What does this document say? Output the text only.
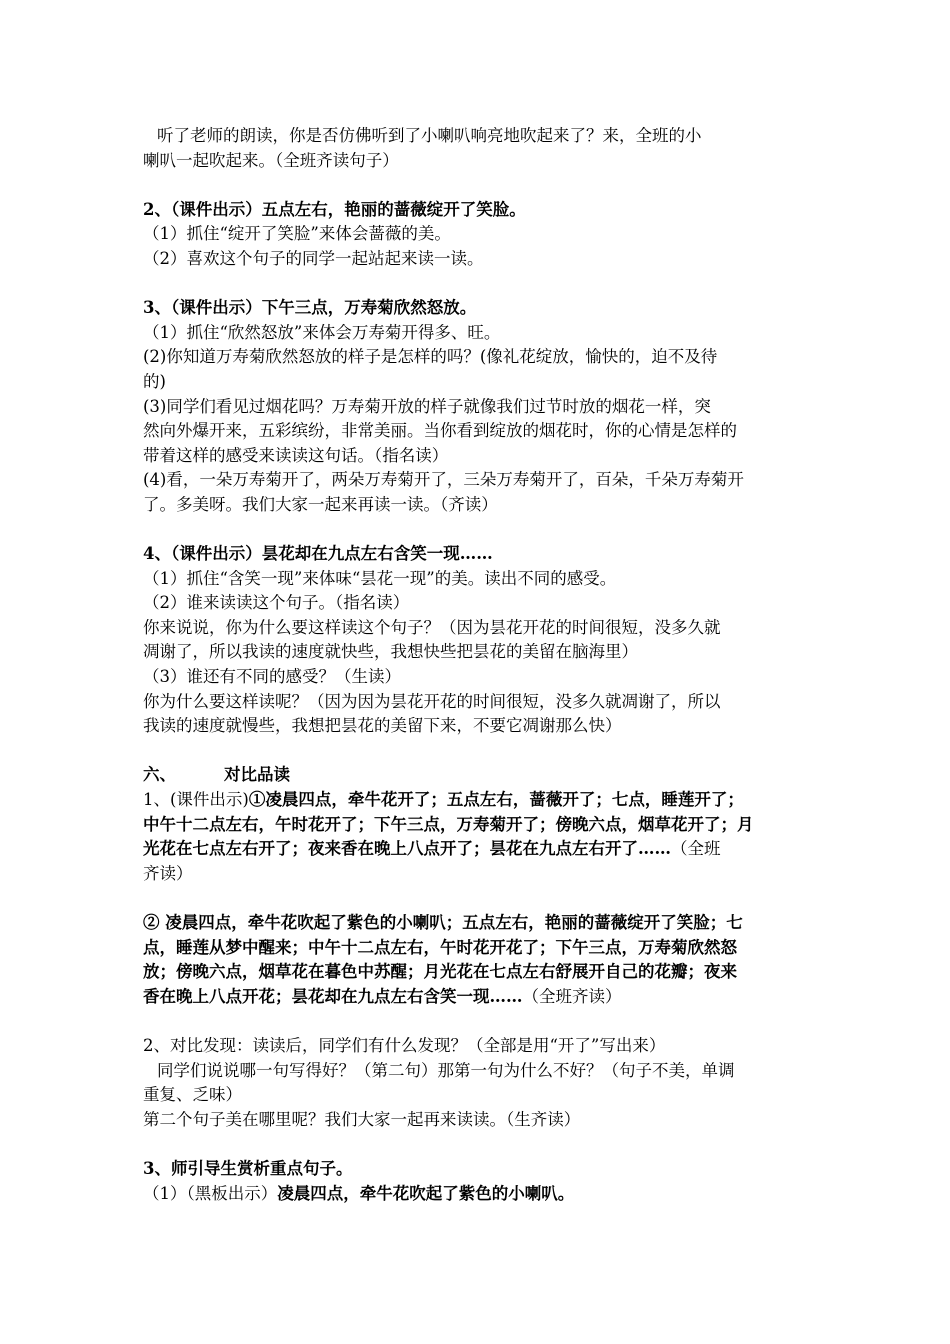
听了老师的朗读，你是否仿佛听到了小喇叭响亮地吹起来了？来，全班的小
喇叭一起吹起来。（全班齐读句子）
2、（课件出示）五点左右，艳丽的蔷薇绽开了笑脸。
（1）抓住“绽开了笑脸”来体会蔷薇的美。
（2）喜欢这个句子的同学一起站起来读一读。
3、（课件出示）下午三点，万寿菊欣然怒放。
（1）抓住“欣然怒放”来体会万寿菊开得多、旺。
(2)你知道万寿菊欣然怒放的样子是怎样的吗？(像礼花绽放，愉快的，迫不及待
的)
(3)同学们看见过烟花吗？万寿菊开放的样子就像我们过节时放的烟花一样，突
然向外爆开来，五彩缤纷，非常美丽。当你看到绽放的烟花时，你的心情是怎样的
带着这样的感受来读读这句话。（指名读）
(4)看，一朵万寿菊开了，两朵万寿菊开了，三朵万寿菊开了，百朵，千朵万寿菊开
了。多美呀。我们大家一起来再读一读。（齐读）
4、（课件出示）昙花却在九点左右含笑一现……
（1）抓住“含笑一现”来体味“昙花一现”的美。读出不同的感受。
（2）谁来读读这个句子。（指名读）
你来说说，你为什么要这样读这个句子？（因为昙花开花的时间很短，没多久就
凋谢了，所以我读的速度就快些，我想快些把昙花的美留在脑海里）
（3）谁还有不同的感受？（生读）
你为什么要这样读呢？（因为因为昙花开花的时间很短，没多久就凋谢了，所以
我读的速度就慢些，我想把昙花的美留下来，不要它凋谢那么快）
六、	对比品读
1、(课件出示)①凌晨四点，牵牛花开了；五点左右，蔷薇开了；七点，睡莲开了；
中午十二点左右，午时花开了；下午三点，万寿菊开了；傍晚六点，烟草花开了；月
光花在七点左右开了；夜来香在晚上八点开了；昙花在九点左右开了……（全班
齐读）
② 凌晨四点，牵牛花吹起了紫色的小喇叭；五点左右，艳丽的蔷薇绽开了笑脸；七
点，睡莲从梦中醒来；中午十二点左右，午时花开花了；下午三点，万寿菊欣然怒
放；傍晚六点，烟草花在暮色中苏醒；月光花在七点左右舒展开自己的花瓣；夜来
香在晚上八点开花；昙花却在九点左右含笑一现……（全班齐读）
2、对比发现：读读后，同学们有什么发现？（全部是用“开了”写出来）
同学们说说哪一句写得好？（第二句）那第一句为什么不好？（句子不美，单调
重复、乏味）
第二个句子美在哪里呢？我们大家一起再来读读。（生齐读）
3、师引导生赏析重点句子。
（1）（黑板出示）凌晨四点，牵牛花吹起了紫色的小喇叭。
